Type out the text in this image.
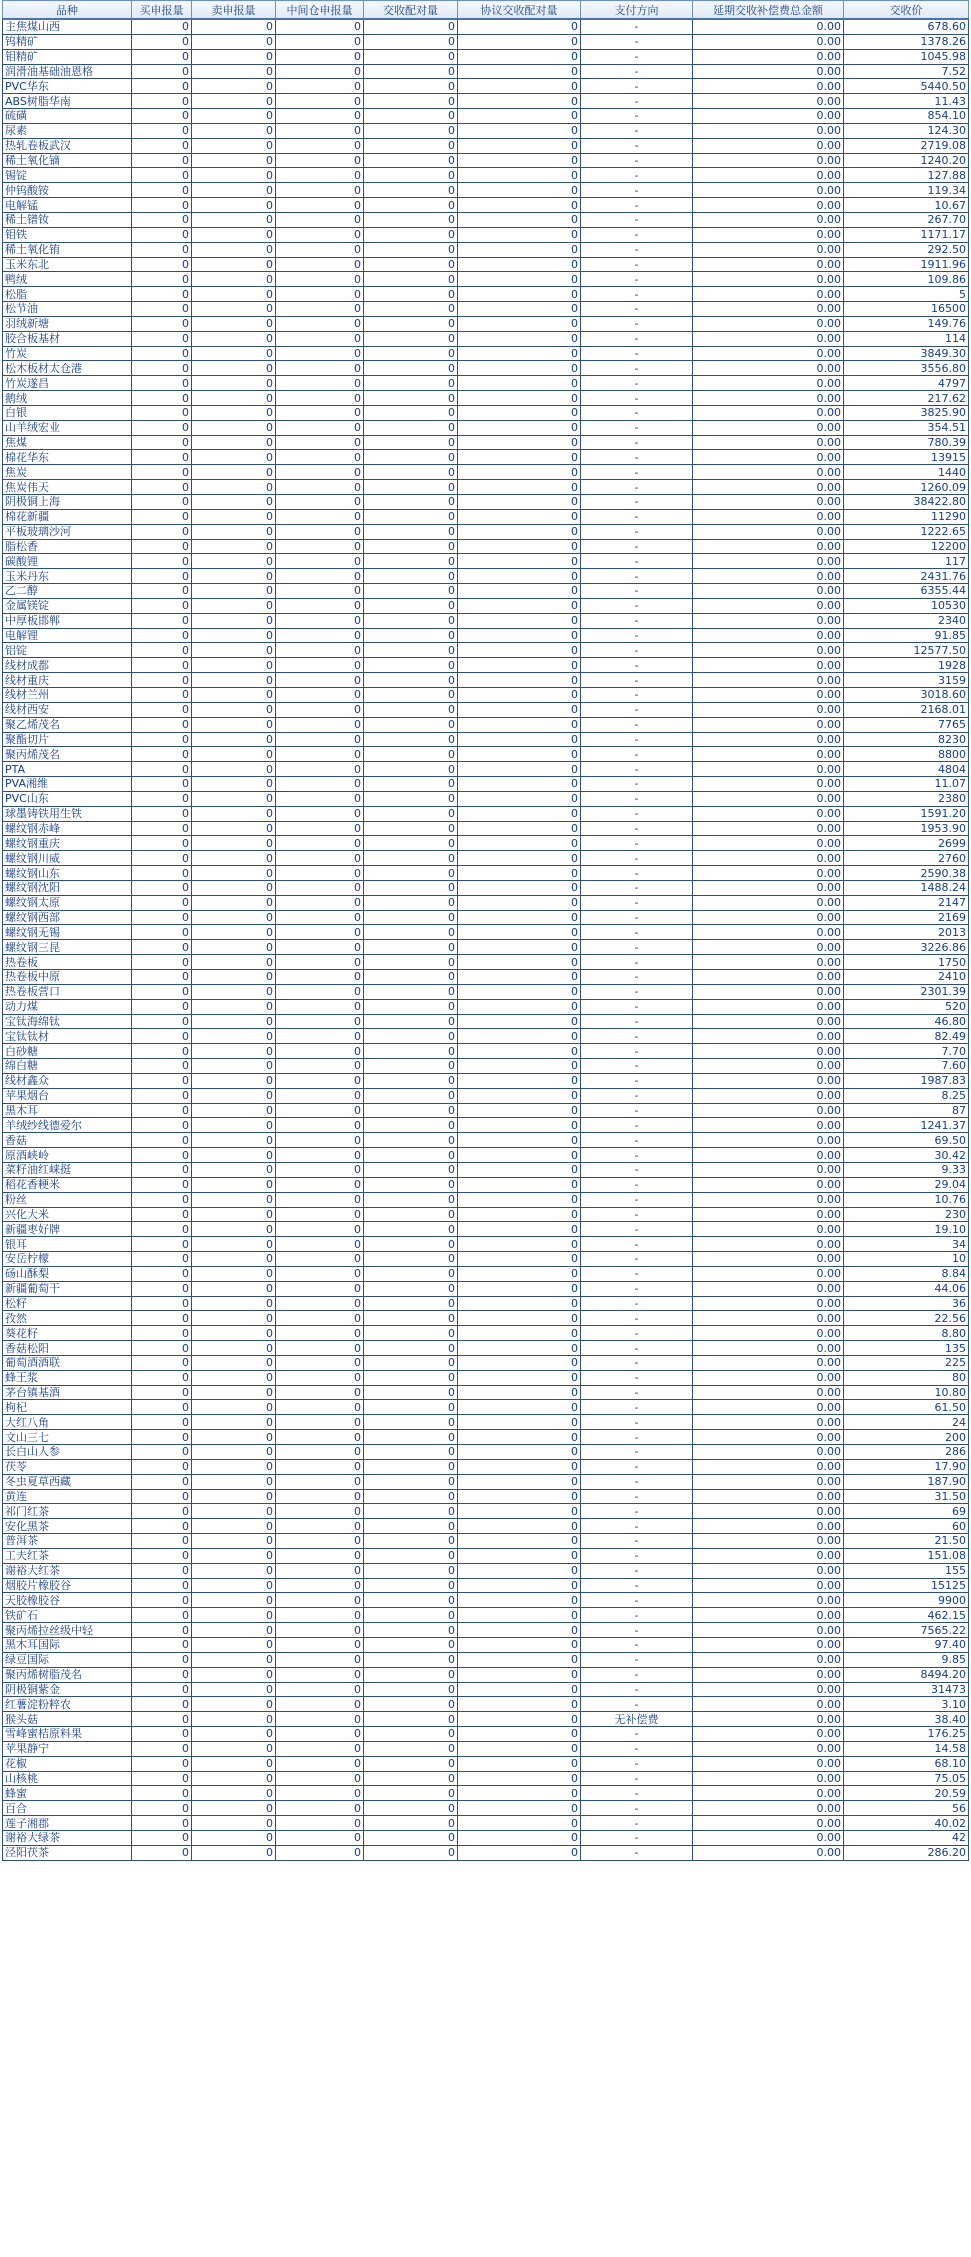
品种	买申报量	卖申报量	中间仓申报量	交收配对量	协议交收配对量	支付方向	延期交收补偿费总金额	交收价
主焦煤山西	0	0	0	0	0	-	0.00	678.60
钨精矿	0	0	0	0	0	-	0.00	1378.26
钼精矿	0	0	0	0	0	-	0.00	1045.98
润滑油基础油恩格	0	0	0	0	0	-	0.00	7.52
PVC华东	0	0	0	0	0	-	0.00	5440.50
ABS树脂华南	0	0	0	0	0	-	0.00	11.43
硫磺	0	0	0	0	0	-	0.00	854.10
尿素	0	0	0	0	0	-	0.00	124.30
热轧卷板武汉	0	0	0	0	0	-	0.00	2719.08
稀土氧化镝	0	0	0	0	0	-	0.00	1240.20
锡锭	0	0	0	0	0	-	0.00	127.88
仲钨酸铵	0	0	0	0	0	-	0.00	119.34
电解锰	0	0	0	0	0	-	0.00	10.67
稀土镨钕	0	0	0	0	0	-	0.00	267.70
钼铁	0	0	0	0	0	-	0.00	1171.17
稀土氧化铕	0	0	0	0	0	-	0.00	292.50
玉米东北	0	0	0	0	0	-	0.00	1911.96
鸭绒	0	0	0	0	0	-	0.00	109.86
松脂	0	0	0	0	0	-	0.00	5
松节油	0	0	0	0	0	-	0.00	16500
羽绒新塘	0	0	0	0	0	-	0.00	149.76
胶合板基材	0	0	0	0	0	-	0.00	114
竹炭	0	0	0	0	0	-	0.00	3849.30
松木板材太仓港	0	0	0	0	0	-	0.00	3556.80
竹炭遂昌	0	0	0	0	0	-	0.00	4797
鹅绒	0	0	0	0	0	-	0.00	217.62
白银	0	0	0	0	0	-	0.00	3825.90
山羊绒宏业	0	0	0	0	0	-	0.00	354.51
焦煤	0	0	0	0	0	-	0.00	780.39
棉花华东	0	0	0	0	0	-	0.00	13915
焦炭	0	0	0	0	0	-	0.00	1440
焦炭伟天	0	0	0	0	0	-	0.00	1260.09
阴极铜上海	0	0	0	0	0	-	0.00	38422.80
棉花新疆	0	0	0	0	0	-	0.00	11290
平板玻璃沙河	0	0	0	0	0	-	0.00	1222.65
脂松香	0	0	0	0	0	-	0.00	12200
碳酸锂	0	0	0	0	0	-	0.00	117
玉米丹东	0	0	0	0	0	-	0.00	2431.76
乙二醇	0	0	0	0	0	-	0.00	6355.44
金属镁锭	0	0	0	0	0	-	0.00	10530
中厚板邯郸	0	0	0	0	0	-	0.00	2340
电解锂	0	0	0	0	0	-	0.00	91.85
铝锭	0	0	0	0	0	-	0.00	12577.50
线材成都	0	0	0	0	0	-	0.00	1928
线材重庆	0	0	0	0	0	-	0.00	3159
线材兰州	0	0	0	0	0	-	0.00	3018.60
线材西安	0	0	0	0	0	-	0.00	2168.01
聚乙烯茂名	0	0	0	0	0	-	0.00	7765
聚酯切片	0	0	0	0	0	-	0.00	8230
聚丙烯茂名	0	0	0	0	0	-	0.00	8800
PTA	0	0	0	0	0	-	0.00	4804
PVA湘维	0	0	0	0	0	-	0.00	11.07
PVC山东	0	0	0	0	0	-	0.00	2380
球墨铸铁用生铁	0	0	0	0	0	-	0.00	1591.20
螺纹钢赤峰	0	0	0	0	0	-	0.00	1953.90
螺纹钢重庆	0	0	0	0	0	-	0.00	2699
螺纹钢川威	0	0	0	0	0	-	0.00	2760
螺纹钢山东	0	0	0	0	0	-	0.00	2590.38
螺纹钢沈阳	0	0	0	0	0	-	0.00	1488.24
螺纹钢太原	0	0	0	0	0	-	0.00	2147
螺纹钢西部	0	0	0	0	0	-	0.00	2169
螺纹钢无锡	0	0	0	0	0	-	0.00	2013
螺纹钢三昆	0	0	0	0	0	-	0.00	3226.86
热卷板	0	0	0	0	0	-	0.00	1750
热卷板中原	0	0	0	0	0	-	0.00	2410
热卷板营口	0	0	0	0	0	-	0.00	2301.39
动力煤	0	0	0	0	0	-	0.00	520
宝钛海绵钛	0	0	0	0	0	-	0.00	46.80
宝钛钛材	0	0	0	0	0	-	0.00	82.49
白砂糖	0	0	0	0	0	-	0.00	7.70
绵白糖	0	0	0	0	0	-	0.00	7.60
线材鑫众	0	0	0	0	0	-	0.00	1987.83
苹果烟台	0	0	0	0	0	-	0.00	8.25
黑木耳	0	0	0	0	0	-	0.00	87
羊绒纱线德爱尔	0	0	0	0	0	-	0.00	1241.37
香菇	0	0	0	0	0	-	0.00	69.50
原酒峡岭	0	0	0	0	0	-	0.00	30.42
菜籽油红崃挺	0	0	0	0	0	-	0.00	9.33
稻花香粳米	0	0	0	0	0	-	0.00	29.04
粉丝	0	0	0	0	0	-	0.00	10.76
兴化大米	0	0	0	0	0	-	0.00	230
新疆枣好牌	0	0	0	0	0	-	0.00	19.10
银耳	0	0	0	0	0	-	0.00	34
安岳柠檬	0	0	0	0	0	-	0.00	10
砀山酥梨	0	0	0	0	0	-	0.00	8.84
新疆葡萄干	0	0	0	0	0	-	0.00	44.06
松籽	0	0	0	0	0	-	0.00	36
孜然	0	0	0	0	0	-	0.00	22.56
葵花籽	0	0	0	0	0	-	0.00	8.80
香菇松阳	0	0	0	0	0	-	0.00	135
葡萄酒酒联	0	0	0	0	0	-	0.00	225
蜂王浆	0	0	0	0	0	-	0.00	80
茅台镇基酒	0	0	0	0	0	-	0.00	10.80
枸杞	0	0	0	0	0	-	0.00	61.50
大红八角	0	0	0	0	0	-	0.00	24
文山三七	0	0	0	0	0	-	0.00	200
长白山人参	0	0	0	0	0	-	0.00	286
茯苓	0	0	0	0	0	-	0.00	17.90
冬虫夏草西藏	0	0	0	0	0	-	0.00	187.90
黄连	0	0	0	0	0	-	0.00	31.50
祁门红茶	0	0	0	0	0	-	0.00	69
安化黑茶	0	0	0	0	0	-	0.00	60
普洱茶	0	0	0	0	0	-	0.00	21.50
工夫红茶	0	0	0	0	0	-	0.00	151.08
谢裕大红茶	0	0	0	0	0	-	0.00	155
烟胶片橡胶谷	0	0	0	0	0	-	0.00	15125
天胶橡胶谷	0	0	0	0	0	-	0.00	9900
铁矿石	0	0	0	0	0	-	0.00	462.15
聚丙烯拉丝级中轻	0	0	0	0	0	-	0.00	7565.22
黑木耳国际	0	0	0	0	0	-	0.00	97.40
绿豆国际	0	0	0	0	0	-	0.00	9.85
聚丙烯树脂茂名	0	0	0	0	0	-	0.00	8494.20
阴极铜紫金	0	0	0	0	0	-	0.00	31473
红薯淀粉粹农	0	0	0	0	0	-	0.00	3.10
猴头菇	0	0	0	0	0	无补偿费	0.00	38.40
雪峰蜜桔原料果	0	0	0	0	0	-	0.00	176.25
苹果静宁	0	0	0	0	0	-	0.00	14.58
花椒	0	0	0	0	0	-	0.00	68.10
山核桃	0	0	0	0	0	-	0.00	75.05
蜂蜜	0	0	0	0	0	-	0.00	20.59
百合	0	0	0	0	0	-	0.00	56
莲子湘郡	0	0	0	0	0	-	0.00	40.02
谢裕大绿茶	0	0	0	0	0	-	0.00	42
泾阳茯茶	0	0	0	0	0	-	0.00	286.20
